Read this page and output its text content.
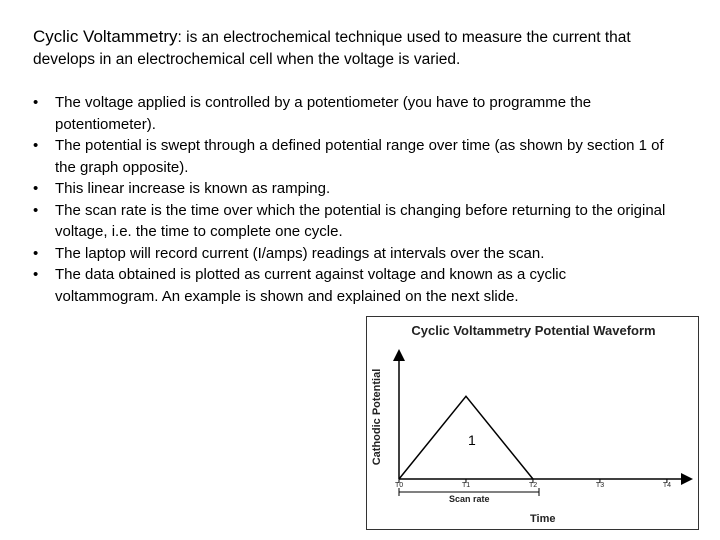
Cyclic Voltammetry: is an electrochemical technique used to measure the current that develops in an electrochemical cell when the voltage is varied.
• The voltage applied is controlled by a potentiometer (you have to programme the potentiometer).
• The potential is swept through a defined potential range over time (as shown by section 1 of the graph opposite).
• This linear increase is known as ramping.
• The scan rate is the time over which the potential is changing before returning to the original voltage, i.e. the time to complete one cycle.
• The laptop will record current (I/amps) readings at intervals over the scan.
• The data obtained is plotted as current against voltage and known as a cyclic voltammogram. An example is shown and explained on the next slide.
Cyclic Voltammetry Potential Waveform
Cathodic Potential
T0	T1	T2	T3	T4
Scan rate
Time
1
